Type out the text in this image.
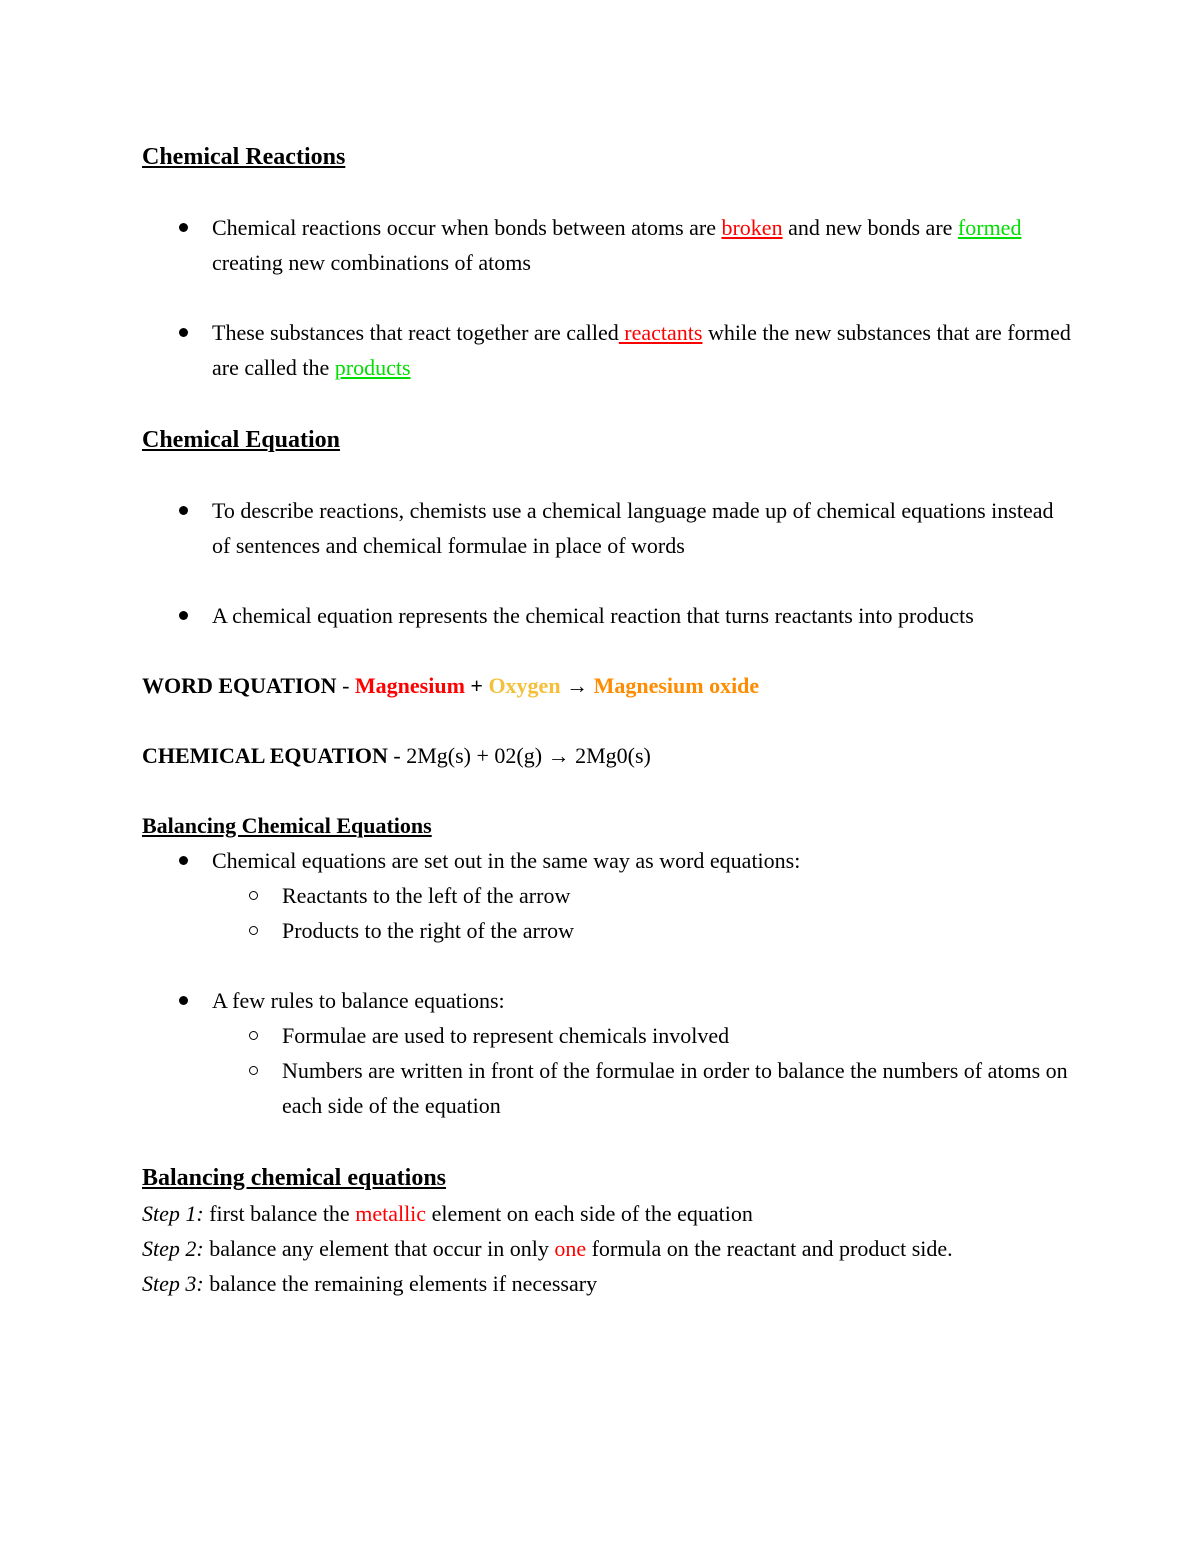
Chemical Reactions
Chemical reactions occur when bonds between atoms are broken and new bonds are formed
creating new combinations of atoms
These substances that react together are called reactants while the new substances that are formed are called the products
Chemical Equation
To describe reactions, chemists use a chemical language made up of chemical equations instead of sentences and chemical formulae in place of words
A chemical equation represents the chemical reaction that turns reactants into products

WORD EQUATION - Magnesium + Oxygen → Magnesium oxide

CHEMICAL EQUATION - 2Mg(s) + 02(g) → 2Mg0(s)

Balancing Chemical Equations
Chemical equations are set out in the same way as word equations:
Reactants to the left of the arrow
Products to the right of the arrow
A few rules to balance equations:
Formulae are used to represent chemicals involved
Numbers are written in front of the formulae in order to balance the numbers of atoms on each side of the equation
Balancing chemical equations

Step 1: first balance the metallic element on each side of the equation

Step 2: balance any element that occur in only one formula on the reactant and product side.

Step 3: balance the remaining elements if necessary
